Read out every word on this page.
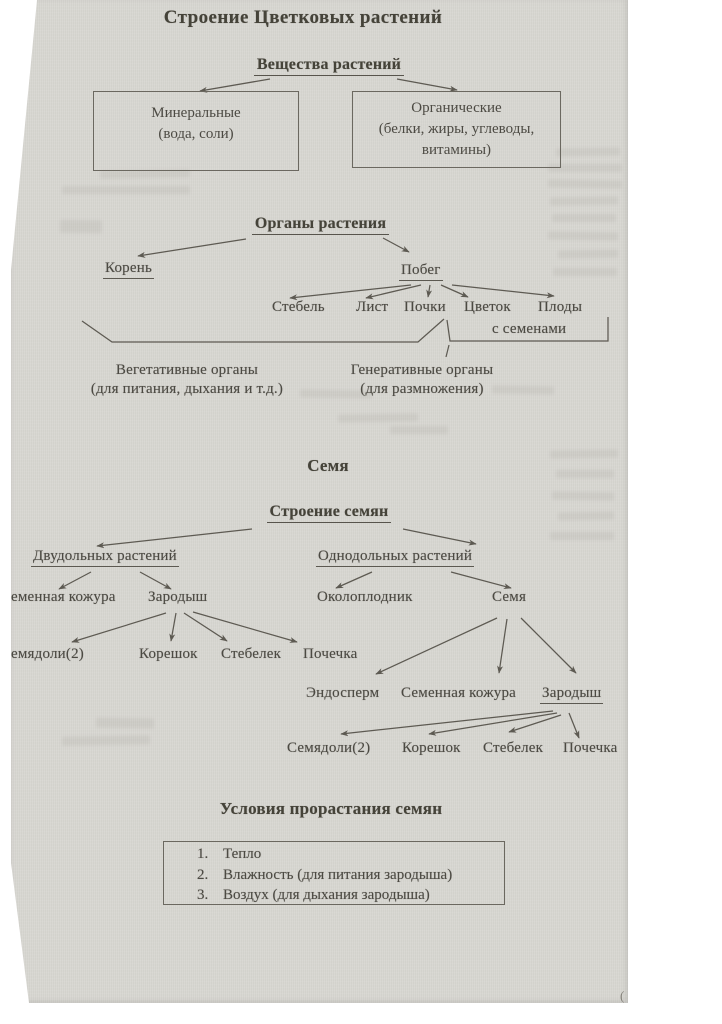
Строение Цветковых растений
Вещества растений
Минеральные
(вода, соли)
Органические
(белки, жиры, углеводы,
витамины)
Органы растения
Корень	Побег
Стебель Лист Почки Цветок Плоды
с семенами
Вегетативные органы
(для питания, дыхания и т.д.)
Генеративные органы
(для размножения)
Семя
Строение семян
Двудольных растений	Однодольных растений
еменная кожура Зародыш	Околоплодник	Семя
емядоли(2)	Корешок Стебелек Почечка
Эндосперм Семенная кожура Зародыш
Семядоли(2) Корешок Стебелек Почечка
Условия прорастания семян
1. Тепло
2. Влажность (для питания зародыша)
3. Воздух (для дыхания зародыша)
(
